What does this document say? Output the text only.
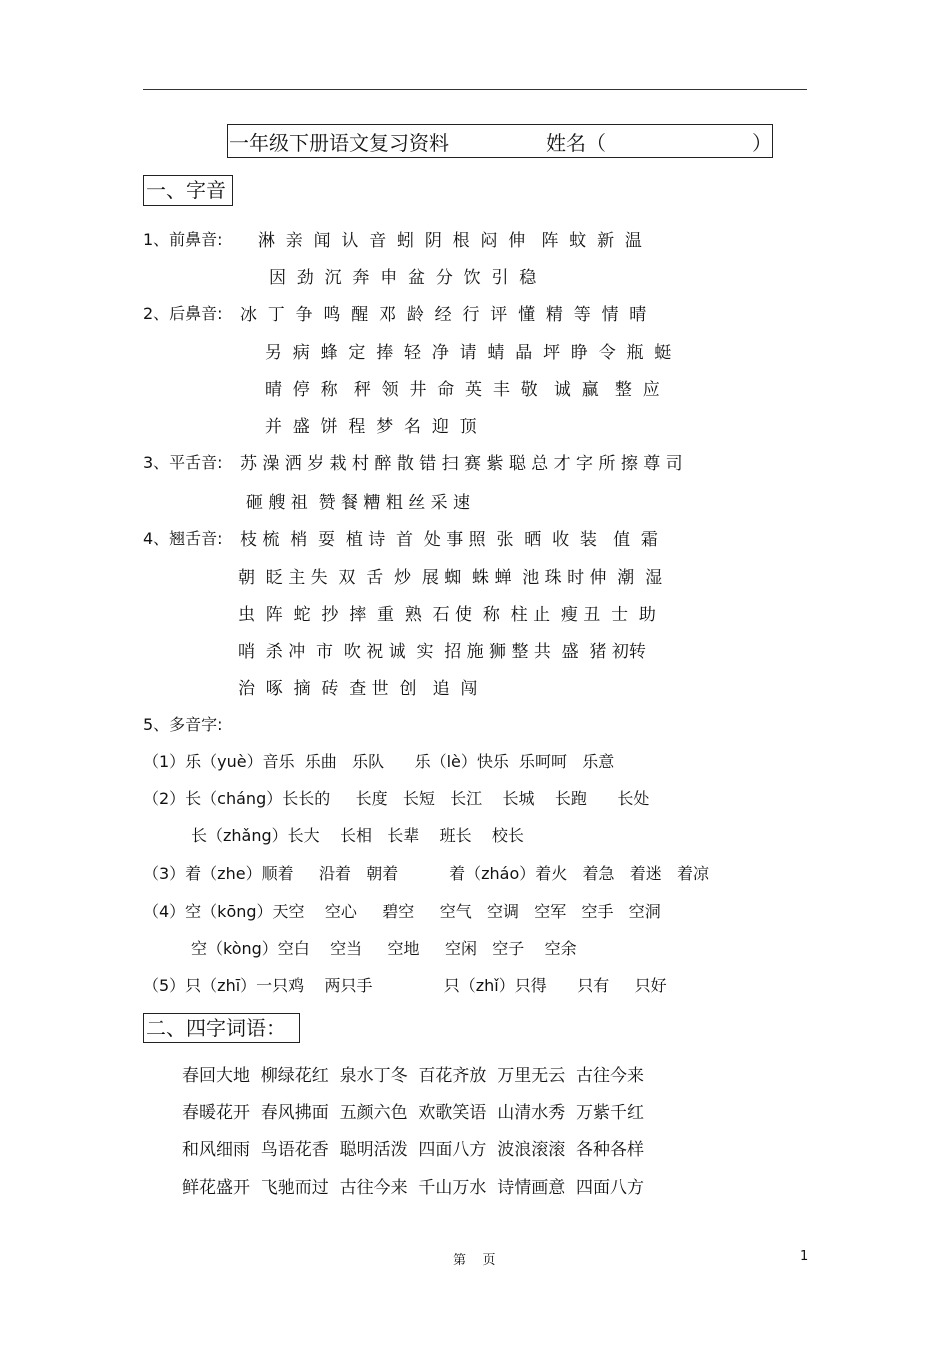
一年级下册语文复习资料	姓名（	）
一、字音
1、前鼻音: 淋  亲  闻  认  音  蚓  阴  根  闷  伸   阵  蚊  新  温
因  劲  沉  奔  申  盆  分  饮  引  稳
2、后鼻音: 冰  丁  争  鸣  醒  邓  龄  经  行  评  懂  精  等  情  晴
另  病  蜂  定  捧  轻  净  请  蜻  晶  坪  睁  令  瓶  蜓
晴  停  称   秤  领  井  命  英  丰  敬   诚  赢   整  应
并  盛  饼  程  梦  名  迎  顶
3、平舌音: 苏 澡 洒 岁 栽 村 醉 散 错 扫 赛 紫 聪 总 才 字 所 擦 尊 司
砸 艘 祖  赞 餐 糟 粗 丝 采 速
4、翘舌音: 枝 梳  梢  耍  植 诗  首  处 事 照  张  晒  收  装   值  霜
朝  眨 主 失  双  舌  炒  展 蜘  蛛 蝉  池 珠 时 伸  潮  湿
虫  阵  蛇  抄  摔  重  熟  石 使  称  柱 止  瘦 丑  士  助
哨  杀 冲  市  吹 祝 诚  实  招 施 狮 整 共  盛  猪 初转
治  啄  摘  砖  查 世  创   追  闯
5、多音字:
（1）乐（yuè）音乐  乐曲   乐队      乐（lè）快乐  乐呵呵   乐意
（2）长（cháng）长长的     长度   长短   长江    长城    长跑      长处
长（zhǎng）长大    长相   长辈    班长    校长
（3）着（zhe）顺着     沿着   朝着          着（zháo）着火   着急   着迷   着凉
（4）空（kōng）天空    空心     碧空     空气   空调   空军   空手   空洞
空（kòng）空白    空当     空地     空闲   空子    空余
（5）只（zhī）一只鸡    两只手              只（zhǐ）只得      只有     只好
二、四字词语：
春回大地  柳绿花红  泉水丁冬  百花齐放  万里无云  古往今来
春暖花开  春风拂面  五颜六色  欢歌笑语  山清水秀  万紫千红
和风细雨  鸟语花香  聪明活泼  四面八方  波浪滚滚  各种各样
鲜花盛开  飞驰而过  古往今来  千山万水  诗情画意  四面八方
第    页	1
